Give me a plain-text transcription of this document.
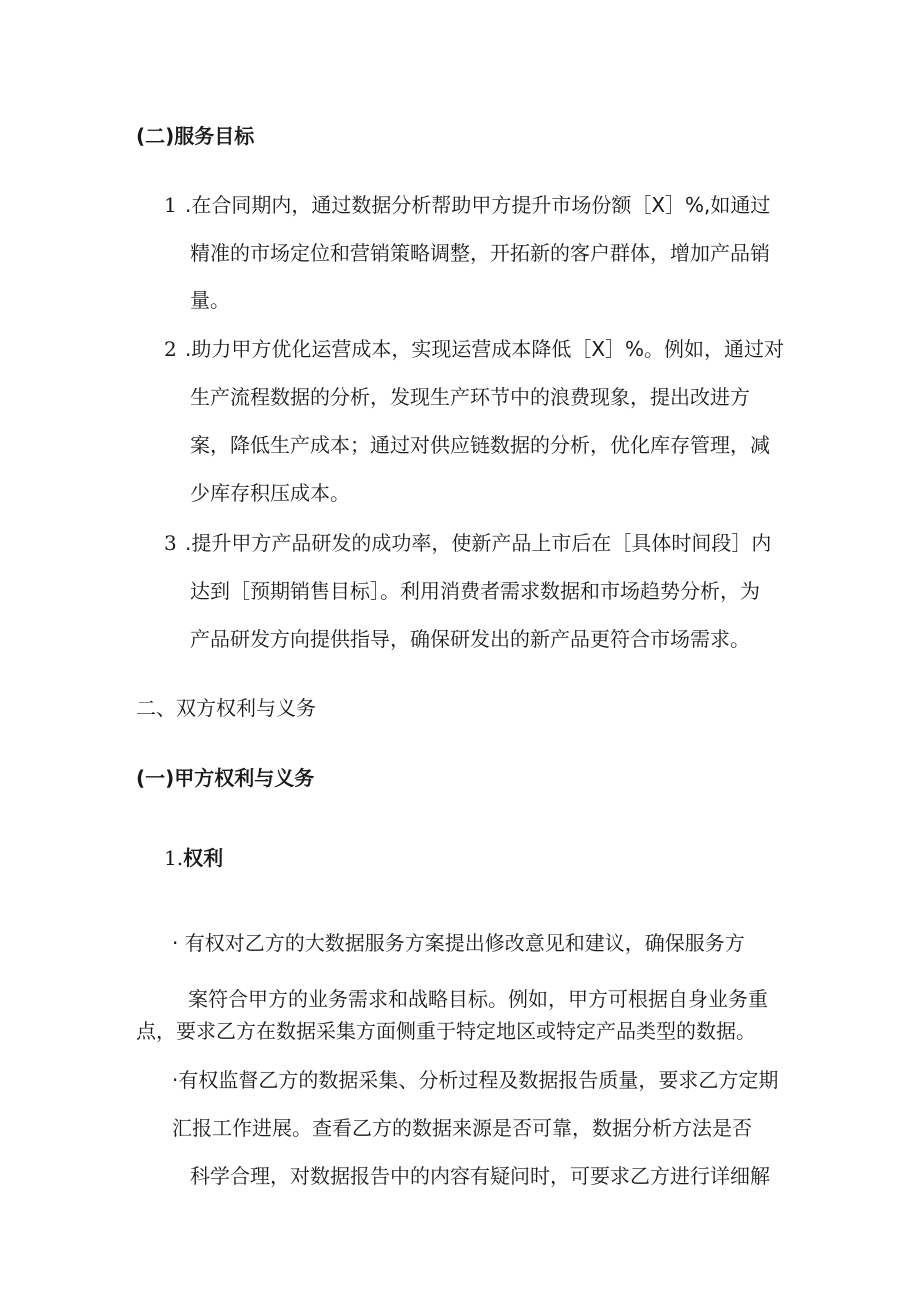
(二)服务目标
1 .在合同期内，通过数据分析帮助甲方提升市场份额［X］%,如通过
精准的市场定位和营销策略调整，开拓新的客户群体，增加产品销
量。
2 .助力甲方优化运营成本，实现运营成本降低［X］%。例如，通过对
生产流程数据的分析，发现生产环节中的浪费现象，提出改进方
案，降低生产成本；通过对供应链数据的分析，优化库存管理，减
少库存积压成本。
3 .提升甲方产品研发的成功率，使新产品上市后在［具体时间段］内
达到［预期销售目标］。利用消费者需求数据和市场趋势分析，为
产品研发方向提供指导，确保研发出的新产品更符合市场需求。
二、双方权利与义务
(一)甲方权利与义务
1.权利
· 有权对乙方的大数据服务方案提出修改意见和建议，确保服务方
案符合甲方的业务需求和战略目标。例如，甲方可根据自身业务重
点，要求乙方在数据采集方面侧重于特定地区或特定产品类型的数据。
·有权监督乙方的数据采集、分析过程及数据报告质量，要求乙方定期
汇报工作进展。查看乙方的数据来源是否可靠，数据分析方法是否
科学合理，对数据报告中的内容有疑问时，可要求乙方进行详细解
